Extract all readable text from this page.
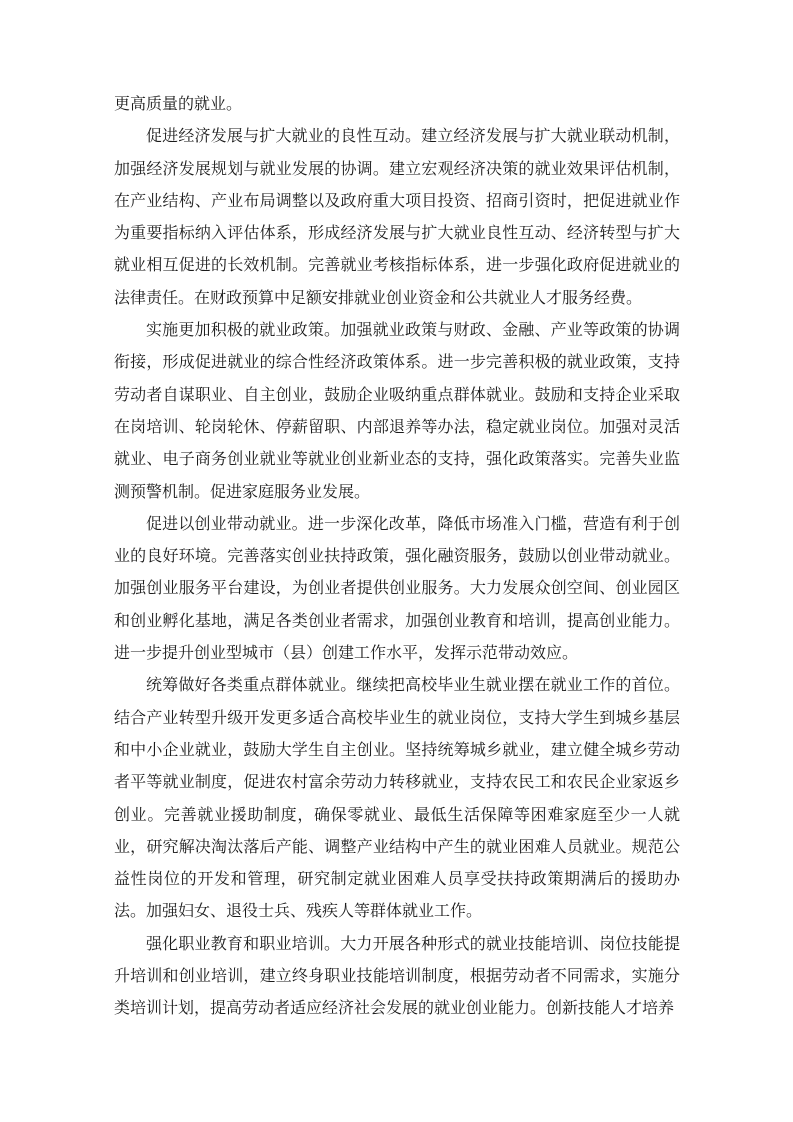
更高质量的就业。

促进经济发展与扩大就业的良性互动。建立经济发展与扩大就业联动机制，加强经济发展规划与就业发展的协调。建立宏观经济决策的就业效果评估机制，在产业结构、产业布局调整以及政府重大项目投资、招商引资时，把促进就业作为重要指标纳入评估体系，形成经济发展与扩大就业良性互动、经济转型与扩大就业相互促进的长效机制。完善就业考核指标体系，进一步强化政府促进就业的法律责任。在财政预算中足额安排就业创业资金和公共就业人才服务经费。

实施更加积极的就业政策。加强就业政策与财政、金融、产业等政策的协调衔接，形成促进就业的综合性经济政策体系。进一步完善积极的就业政策，支持劳动者自谋职业、自主创业，鼓励企业吸纳重点群体就业。鼓励和支持企业采取在岗培训、轮岗轮休、停薪留职、内部退养等办法，稳定就业岗位。加强对灵活就业、电子商务创业就业等就业创业新业态的支持，强化政策落实。完善失业监测预警机制。促进家庭服务业发展。

促进以创业带动就业。进一步深化改革，降低市场准入门槛，营造有利于创业的良好环境。完善落实创业扶持政策，强化融资服务，鼓励以创业带动就业。加强创业服务平台建设，为创业者提供创业服务。大力发展众创空间、创业园区和创业孵化基地，满足各类创业者需求，加强创业教育和培训，提高创业能力。进一步提升创业型城市（县）创建工作水平，发挥示范带动效应。

统筹做好各类重点群体就业。继续把高校毕业生就业摆在就业工作的首位。结合产业转型升级开发更多适合高校毕业生的就业岗位，支持大学生到城乡基层和中小企业就业，鼓励大学生自主创业。坚持统筹城乡就业，建立健全城乡劳动者平等就业制度，促进农村富余劳动力转移就业，支持农民工和农民企业家返乡创业。完善就业援助制度，确保零就业、最低生活保障等困难家庭至少一人就业，研究解决淘汰落后产能、调整产业结构中产生的就业困难人员就业。规范公益性岗位的开发和管理，研究制定就业困难人员享受扶持政策期满后的援助办法。加强妇女、退役士兵、残疾人等群体就业工作。

强化职业教育和职业培训。大力开展各种形式的就业技能培训、岗位技能提升培训和创业培训，建立终身职业技能培训制度，根据劳动者不同需求，实施分类培训计划，提高劳动者适应经济社会发展的就业创业能力。创新技能人才培养
